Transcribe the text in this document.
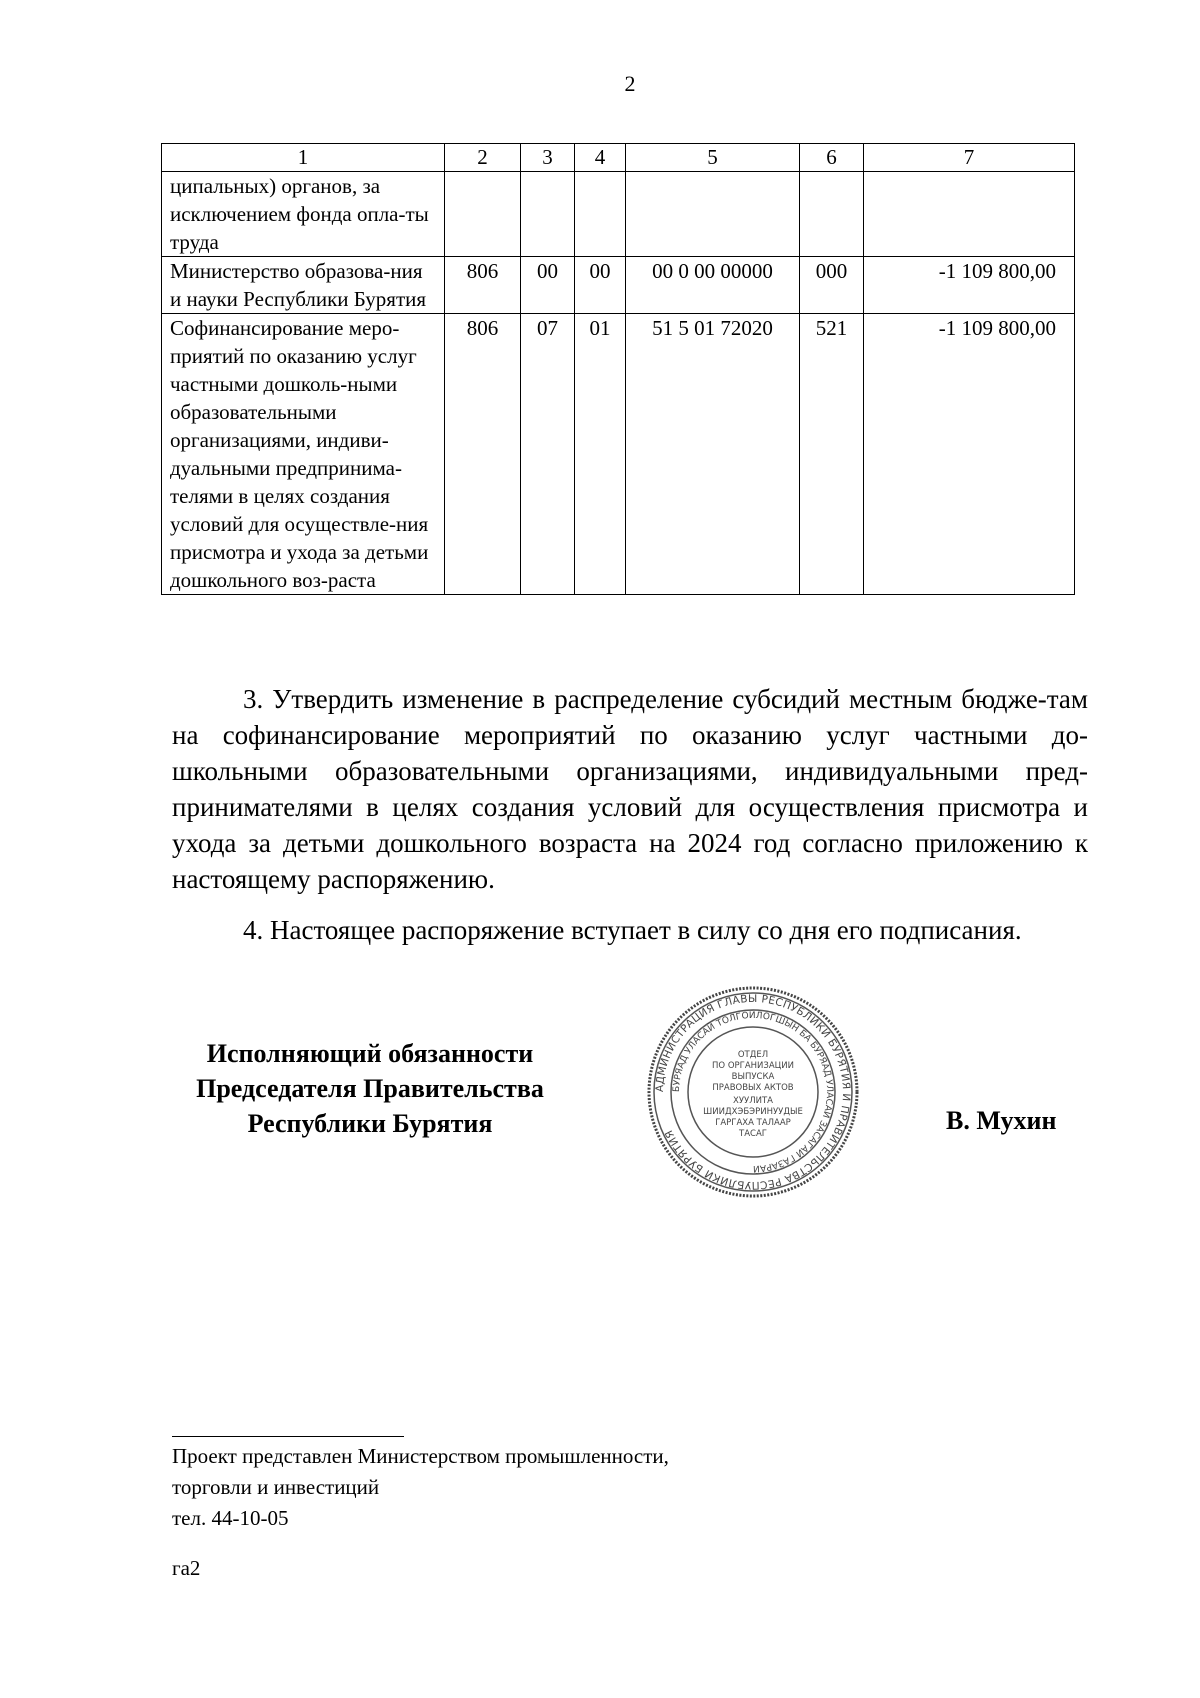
2
1	2	3	4	5	6	7
ципальных) органов, за исключением фонда опла-ты труда						
Министерство образова-ния и науки Республики Бурятия	806	00	00	00 0 00 00000	000	-1 109 800,00
Софинансирование меро-приятий по оказанию услуг частными дошколь-ными образовательными организациями, индиви-дуальными предпринима-телями в целях создания условий для осуществле-ния присмотра и ухода за детьми дошкольного воз-раста	806	07	01	51 5 01 72020	521	-1 109 800,00

3. Утвердить изменение в распределение субсидий местным бюдже-там на софинансирование мероприятий по оказанию услуг частными до-школьными образовательными организациями, индивидуальными пред-принимателями в целях создания условий для осуществления присмотра и ухода за детьми дошкольного возраста на 2024 год согласно приложению к настоящему распоряжению.

4. Настоящее распоряжение вступает в силу со дня его подписания.

Исполняющий обязанности
Председателя Правительства
Республики Бурятия
АДМИНИСТРАЦИЯ ГЛАВЫ РЕСПУБЛИКИ БУРЯТИЯ И ПРАВИТЕЛЬСТВА РЕСПУБЛИКИ БУРЯТИЯ
БУРЯАД УЛАСАЙ ТОЛГОЙЛОГШЫН БА БУРЯАД УЛАСАЙ ЗАСАГАЙ ГАЗАРАЙ
ОТДЕЛ
ПО ОРГАНИЗАЦИИ
ВЫПУСКА
ПРАВОВЫХ АКТОВ
ХУУЛИТА
ШИИДХЭБЭРИНУУДЫЕ
ГАРГАХА ТАЛААР
ТАСАГ	В. Мухин
Проект представлен Министерством промышленности,
торговли и инвестиций
тел. 44-10-05
га2
